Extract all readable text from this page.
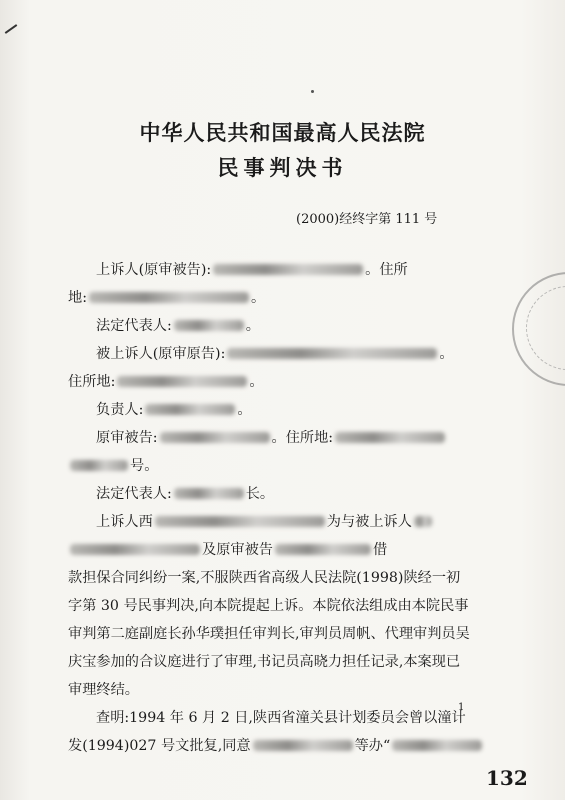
中华人民共和国最高人民法院
民事判决书
(2000)经终字第 111 号
上诉人(原审被告):	。住所
地:	。
法定代表人:	。
被上诉人(原审原告):	。
住所地:	。
负责人:	。
原审被告:	。住所地:
号。
法定代表人:	长。
上诉人西	为与被上诉人
及原审被告	借
款担保合同纠纷一案,不服陕西省高级人民法院(1998)陕经一初
字第 30 号民事判决,向本院提起上诉。本院依法组成由本院民事
审判第二庭副庭长孙华璞担任审判长,审判员周帆、代理审判员吴
庆宝参加的合议庭进行了审理,书记员高晓力担任记录,本案现已
审理终结。
查明:1994 年 6 月 2 日,陕西省潼关县计划委员会曾以潼计
发(1994)027 号文批复,同意	等办“
1
132
